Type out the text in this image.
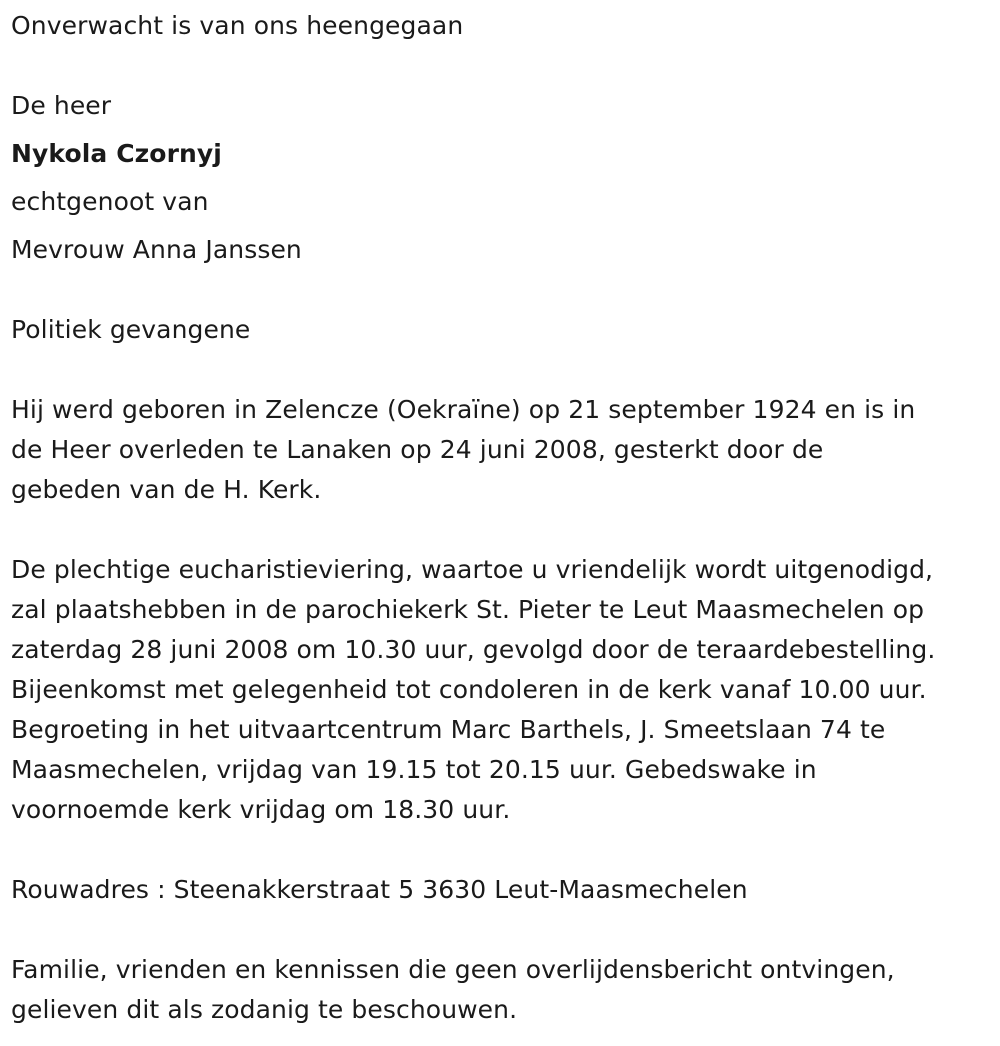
Onverwacht is van ons heengegaan
De heer
Nykola Czornyj
echtgenoot van
Mevrouw Anna Janssen
Politiek gevangene
Hij werd geboren in Zelencze (Oekraïne) op 21 september 1924 en is in
de Heer overleden te Lanaken op 24 juni 2008, gesterkt door de
gebeden van de H. Kerk.
De plechtige eucharistieviering, waartoe u vriendelijk wordt uitgenodigd,
zal plaatshebben in de parochiekerk St. Pieter te Leut Maasmechelen op
zaterdag 28 juni 2008 om 10.30 uur, gevolgd door de teraardebestelling.
Bijeenkomst met gelegenheid tot condoleren in de kerk vanaf 10.00 uur.
Begroeting in het uitvaartcentrum Marc Barthels, J. Smeetslaan 74 te
Maasmechelen, vrijdag van 19.15 tot 20.15 uur. Gebedswake in
voornoemde kerk vrijdag om 18.30 uur.
Rouwadres : Steenakkerstraat 5 3630 Leut-Maasmechelen
Familie, vrienden en kennissen die geen overlijdensbericht ontvingen,
gelieven dit als zodanig te beschouwen.
